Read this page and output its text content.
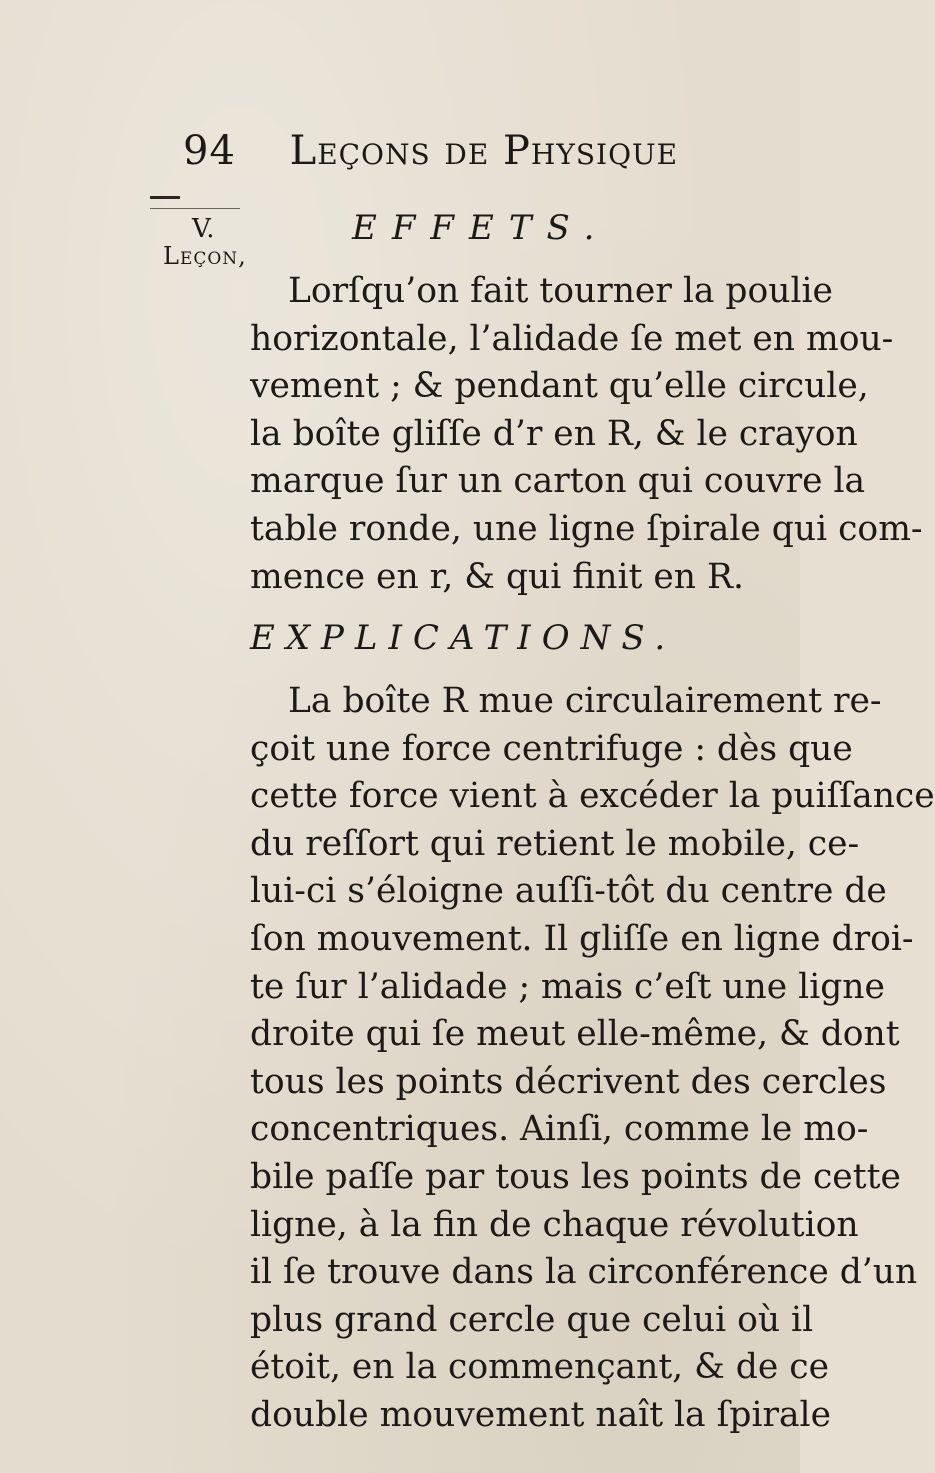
94 Leçons de Physique
V.
Leçon,
EFFETS.
Lorſqu’on fait tourner la poulie
horizontale, l’alidade ſe met en mou-
vement ; & pendant qu’elle circule,
la boîte gliſſe d’r en R, & le crayon
marque ſur un carton qui couvre la
table ronde, une ligne ſpirale qui com-
mence en r, & qui finit en R.
EXPLICATIONS.
La boîte R mue circulairement re-
çoit une force centrifuge : dès que
cette force vient à excéder la puiſſance
du reſſort qui retient le mobile, ce-
lui-ci s’éloigne auſſi-tôt du centre de
ſon mouvement. Il gliſſe en ligne droi-
te ſur l’alidade ; mais c’eſt une ligne
droite qui ſe meut elle-même, & dont
tous les points décrivent des cercles
concentriques. Ainſi, comme le mo-
bile paſſe par tous les points de cette
ligne, à la fin de chaque révolution
il ſe trouve dans la circonférence d’un
plus grand cercle que celui où il
étoit, en la commençant, & de ce
double mouvement naît la ſpirale
